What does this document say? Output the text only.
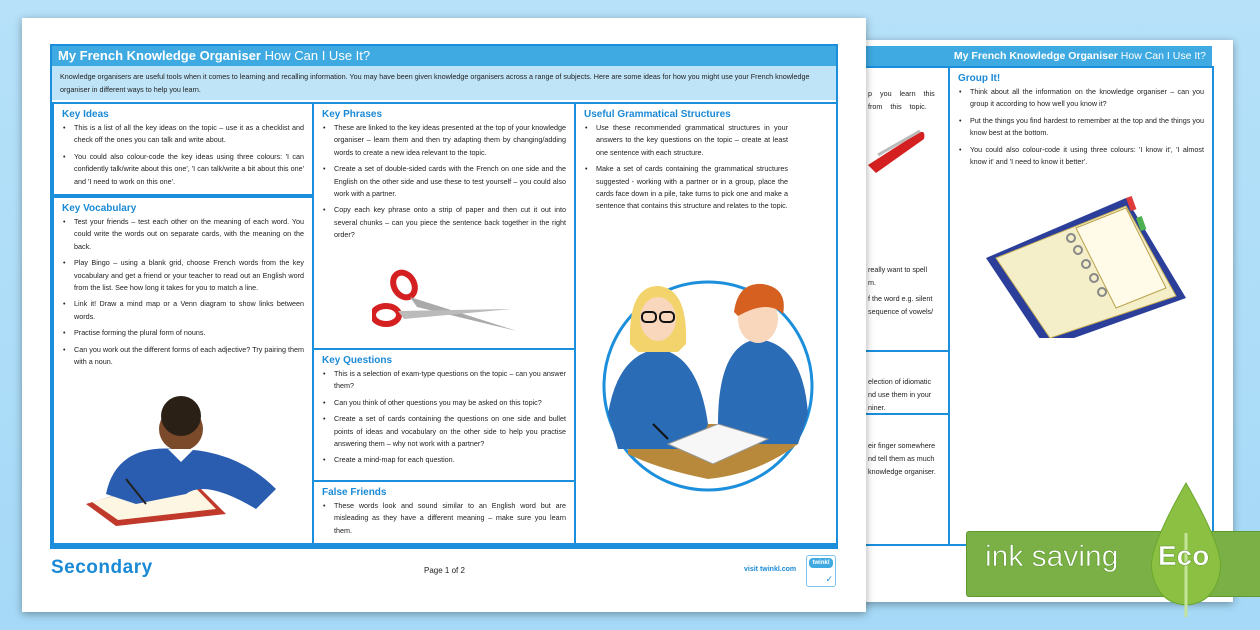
My French Knowledge Organiser How Can I Use It?
p you learn this
from this topic.
really want to spell
m.
f the word e.g. silent
sequence of vowels/
election of idiomatic
nd use them in your
niner.
eir finger somewhere
nd tell them as much
knowledge organiser.
Group It!
• Think about all the information on the knowledge organiser – can you group it according to how well you know it?
• Put the things you find hardest to remember at the top and the things you know best at the bottom.
• You could also colour-code it using three colours: 'I know it', 'I almost know it' and 'I need to know it better'.
My French Knowledge Organiser How Can I Use It?
Knowledge organisers are useful tools when it comes to learning and recalling information. You may have been given knowledge organisers across a range of subjects. Here are some ideas for how you might use your French knowledge organiser in different ways to help you learn.
Key Ideas
• This is a list of all the key ideas on the topic – use it as a checklist and check off the ones you can talk and write about.
• You could also colour-code the key ideas using three colours: 'I can confidently talk/write about this one', 'I can talk/write a bit about this one' and 'I need to work on this one'.
Key Vocabulary
• Test your friends – test each other on the meaning of each word. You could write the words out on separate cards, with the meaning on the back.
• Play Bingo – using a blank grid, choose French words from the key vocabulary and get a friend or your teacher to read out an English word from the list. See how long it takes for you to match a line.
• Link it! Draw a mind map or a Venn diagram to show links between words.
• Practise forming the plural form of nouns.
• Can you work out the different forms of each adjective? Try pairing them with a noun.
Key Phrases
• These are linked to the key ideas presented at the top of your knowledge organiser – learn them and then try adapting them by changing/adding words to create a new idea relevant to the topic.
• Create a set of double-sided cards with the French on one side and the English on the other side and use these to test yourself – you could also work with a partner.
• Copy each key phrase onto a strip of paper and then cut it out into several chunks – can you piece the sentence back together in the right order?
Key Questions
• This is a selection of exam-type questions on the topic – can you answer them?
• Can you think of other questions you may be asked on this topic?
• Create a set of cards containing the questions on one side and bullet points of ideas and vocabulary on the other side to help you practise answering them – why not work with a partner?
• Create a mind-map for each question.
False Friends
• These words look and sound similar to an English word but are misleading as they have a different meaning – make sure you learn them.
Useful Grammatical Structures
• Use these recommended grammatical structures in your answers to the key questions on the topic – create at least one sentence with each structure.
• Make a set of cards containing the grammatical structures suggested - working with a partner or in a group, place the cards face down in a pile, take turns to pick one and make a sentence that contains this structure and relates to the topic.
Secondary	Page 1 of 2	visit twinkl.com
twinkl
✓
ink saving Eco
